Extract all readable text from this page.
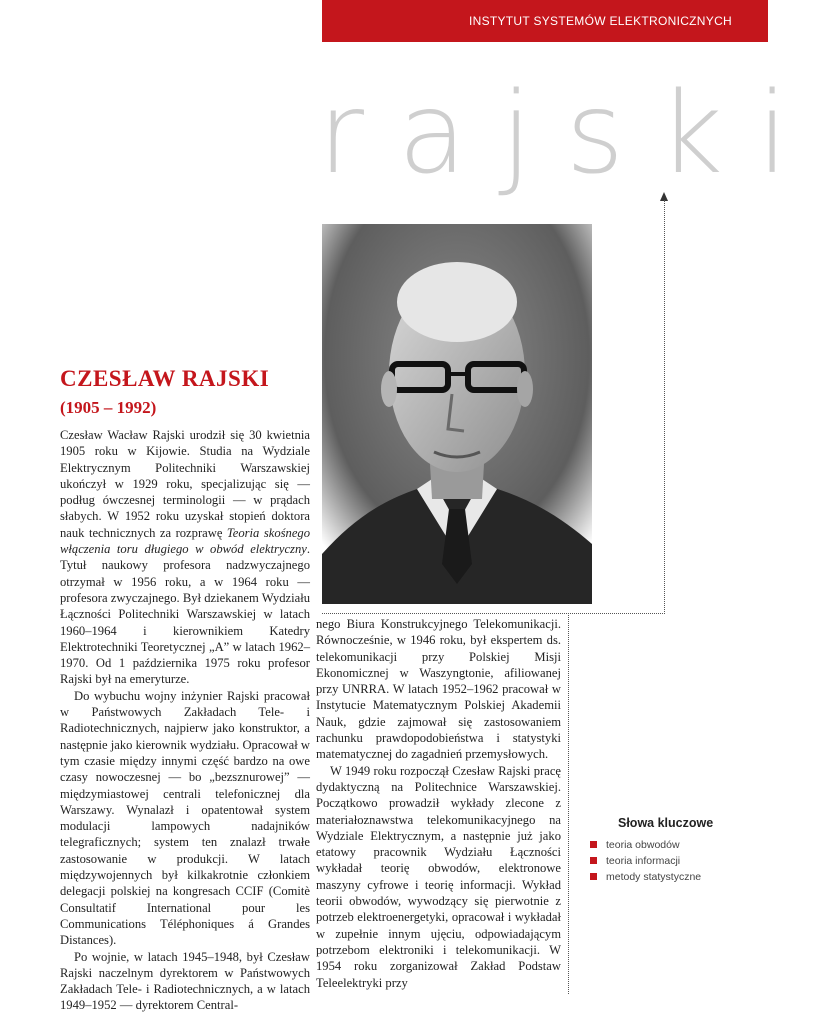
INSTYTUT SYSTEMÓW ELEKTRONICZNYCH
rajski
CZESŁAW RAJSKI
(1905 – 1992)

Czesław Wacław Rajski urodził się 30 kwietnia 1905 roku w Kijowie. Studia na Wydziale Elektrycznym Politechniki Warszawskiej ukończył w 1929 roku, specjalizując się — podług ówczesnej terminologii — w prądach słabych. W 1952 roku uzyskał stopień doktora nauk technicznych za rozprawę Teoria skośnego włączenia toru długiego w obwód elektryczny. Tytuł naukowy profesora nadzwyczajnego otrzymał w 1956 roku, a w 1964 roku — profesora zwyczajnego. Był dziekanem Wydziału Łączności Politechniki Warszawskiej w latach 1960–1964 i kierownikiem Katedry Elektrotechniki Teoretycznej „A” w latach 1962–1970. Od 1 października 1975 roku profesor Rajski był na emeryturze.

Do wybuchu wojny inżynier Rajski pracował w Państwowych Zakładach Tele- i Radiotechnicznych, najpierw jako konstruktor, a następnie jako kierownik wydziału. Opracował w tym czasie między innymi część bardzo na owe czasy nowoczesnej — bo „bezsznurowej” — międzymiastowej centrali telefonicznej dla Warszawy. Wynalazł i opatentował system modulacji lampowych nadajników telegraficznych; system ten znalazł trwałe zastosowanie w produkcji. W latach międzywojennych był kilkakrotnie członkiem delegacji polskiej na kongresach CCIF (Comitè Consultatif International pour les Communications Téléphoniques á Grandes Distances).

Po wojnie, w latach 1945–1948, był Czesław Rajski naczelnym dyrektorem w Państwowych Zakładach Tele- i Radiotechnicznych, a w latach 1949–1952 — dyrektorem Central-

nego Biura Konstrukcyjnego Telekomunikacji. Równocześnie, w 1946 roku, był ekspertem ds. telekomunikacji przy Polskiej Misji Ekonomicznej w Waszyngtonie, afiliowanej przy UNRRA. W latach 1952–1962 pracował w Instytucie Matematycznym Polskiej Akademii Nauk, gdzie zajmował się zastosowaniem rachunku prawdopodobieństwa i statystyki matematycznej do zagadnień przemysłowych.

W 1949 roku rozpoczął Czesław Rajski pracę dydaktyczną na Politechnice Warszawskiej. Początkowo prowadził wykłady zlecone z materiałoznawstwa telekomunikacyjnego na Wydziale Elektrycznym, a następnie już jako etatowy pracownik Wydziału Łączności wykładał teorię obwodów, elektronowe maszyny cyfrowe i teorię informacji. Wykład teorii obwodów, wywodzący się pierwotnie z potrzeb elektroenergetyki, opracował i wykładał w zupełnie innym ujęciu, odpowiadającym potrzebom elektroniki i telekomunikacji. W 1954 roku zorganizował Zakład Podstaw Teleelektryki przy

Słowa kluczowe
teoria obwodów
teoria informacji
metody statystyczne
